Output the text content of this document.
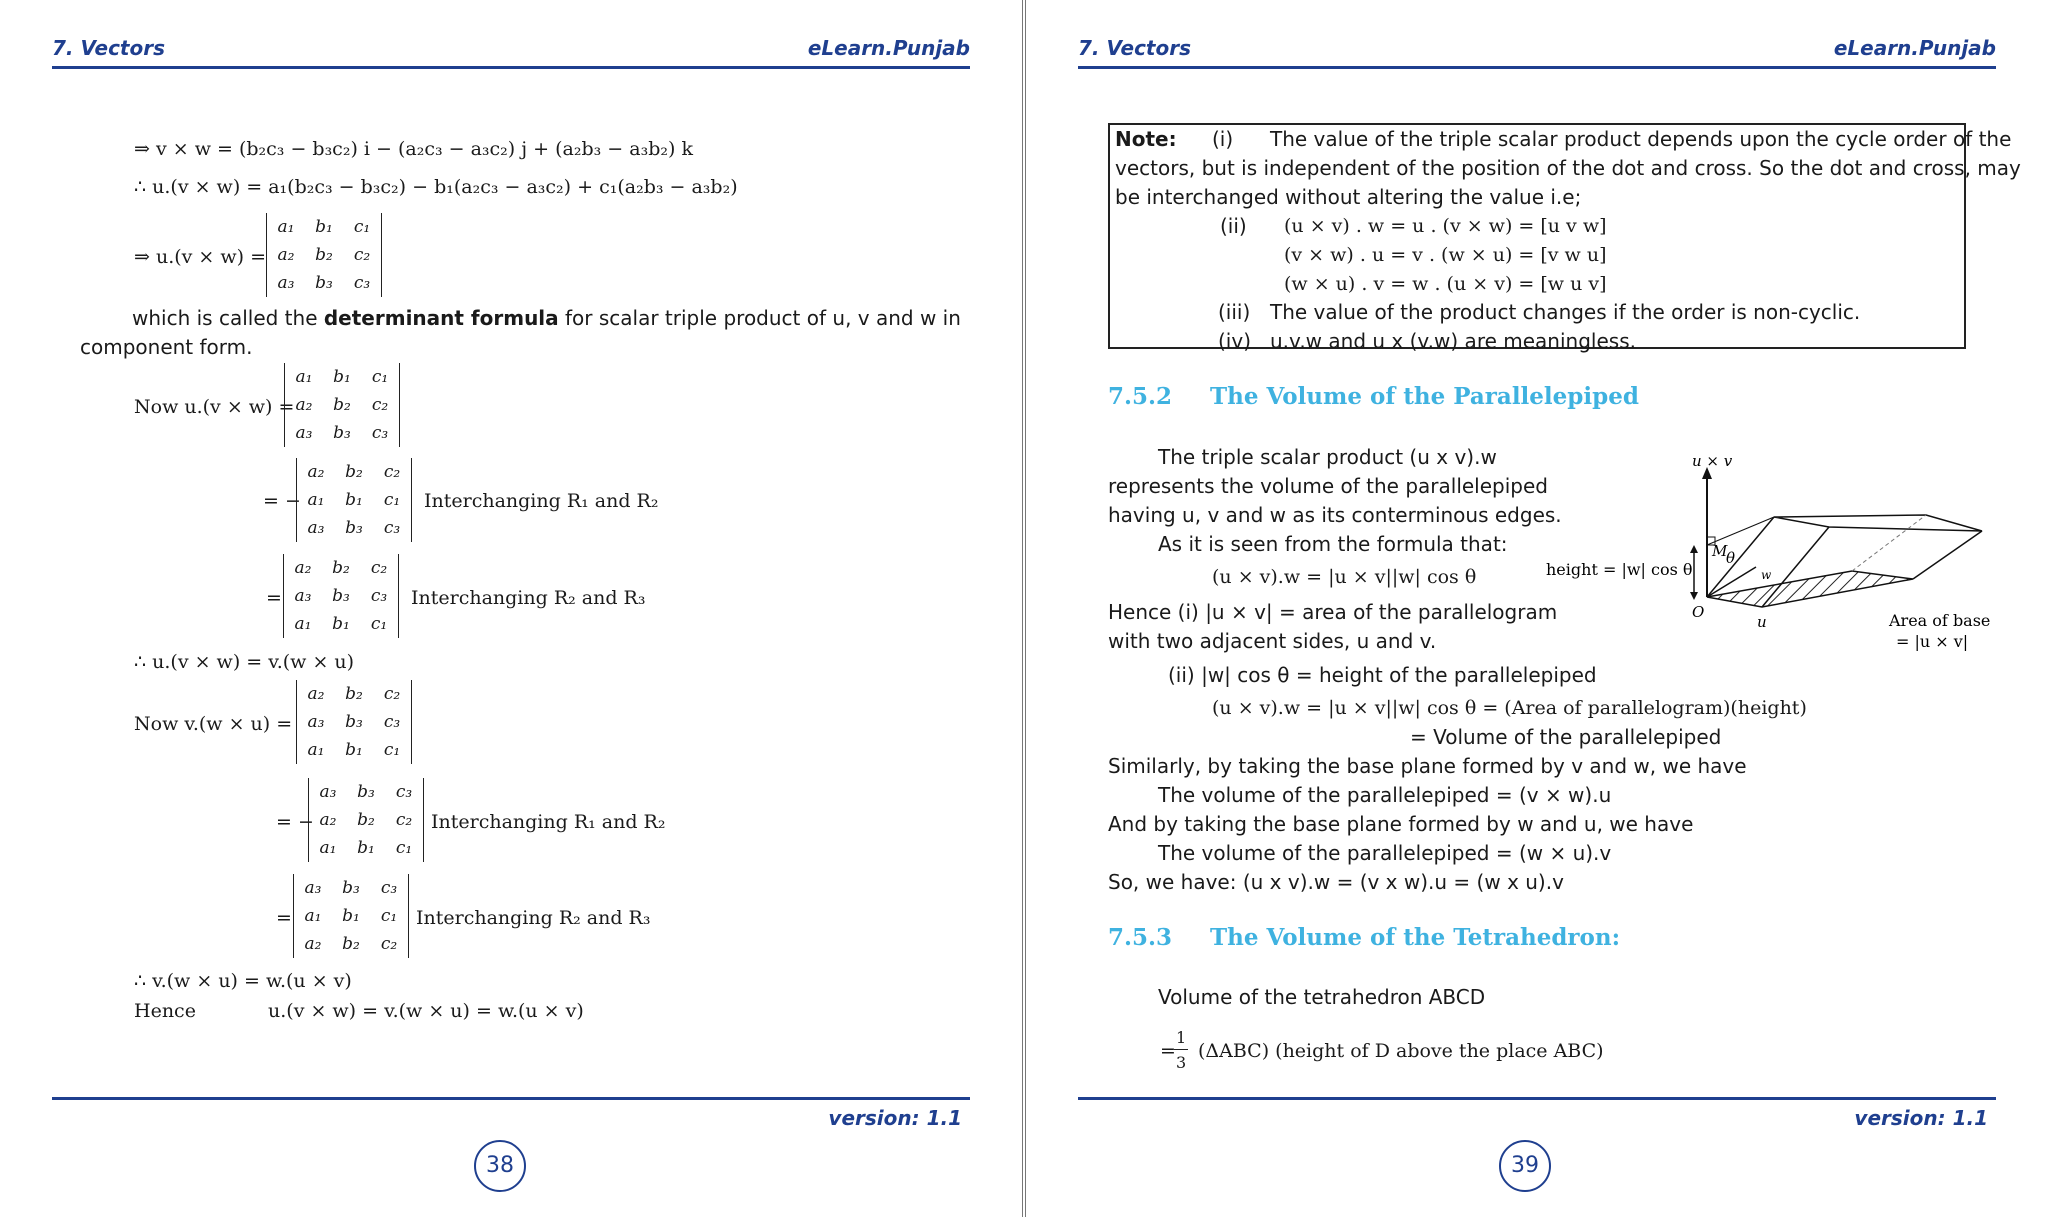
7. Vectors	eLearn.Punjab
⇒ v × w = (b₂c₃ − b₃c₂) i − (a₂c₃ − a₃c₂) j + (a₂b₃ − a₃b₂) k
∴ u.(v × w) = a₁(b₂c₃ − b₃c₂) − b₁(a₂c₃ − a₃c₂) + c₁(a₂b₃ − a₃b₂)
⇒ u.(v × w) =
a₁	b₁	c₁
a₂	b₂	c₂
a₃	b₃	c₃
which is called the determinant formula for scalar triple product of u, v and w in
component form.
Now u.(v × w) =
a₁	b₁	c₁
a₂	b₂	c₂
a₃	b₃	c₃
= −
a₂	b₂	c₂
a₁	b₁	c₁
a₃	b₃	c₃
Interchanging R₁ and R₂
=
a₂	b₂	c₂
a₃	b₃	c₃
a₁	b₁	c₁
Interchanging R₂ and R₃
∴ u.(v × w) = v.(w × u)
Now v.(w × u) =
a₂	b₂	c₂
a₃	b₃	c₃
a₁	b₁	c₁
= −
a₃	b₃	c₃
a₂	b₂	c₂
a₁	b₁	c₁
Interchanging R₁ and R₂
=
a₃	b₃	c₃
a₁	b₁	c₁
a₂	b₂	c₂
Interchanging R₂ and R₃
∴ v.(w × u) = w.(u × v)
Hence	u.(v × w) = v.(w × u) = w.(u × v)
version: 1.1
38
7. Vectors	eLearn.Punjab
Note: (i) The value of the triple scalar product depends upon the cycle order of the
vectors, but is independent of the position of the dot and cross. So the dot and cross, may
be interchanged without altering the value i.e;
(ii) (u × v) . w = u . (v × w) = [u v w]
(v × w) . u = v . (w × u) = [v w u]
(w × u) . v = w . (u × v) = [w u v]
(iii) The value of the product changes if the order is non-cyclic.
(iv) u.v.w and u x (v.w) are meaningless.
7.5.2 The Volume of the Parallelepiped
The triple scalar product (u x v).w
represents the volume of the parallelepiped
having u, v and w as its conterminous edges.
As it is seen from the formula that:
(u × v).w = |u × v||w| cos θ
Hence (i) |u × v| = area of the parallelogram
with two adjacent sides, u and v.
(ii) |w| cos θ = height of the parallelepiped
(u × v).w = |u × v||w| cos θ = (Area of parallelogram)(height)
= Volume of the parallelepiped
Similarly, by taking the base plane formed by v and w, we have
The volume of the parallelepiped = (v × w).u
And by taking the base plane formed by w and u, we have
The volume of the parallelepiped = (w × u).v
So, we have: (u x v).w = (v x w).u = (w x u).v
7.5.3 The Volume of the Tetrahedron:
Volume of the tetrahedron ABCD
=
1
3
(ΔABC) (height of D above the place ABC)
u × v
height = |w| cos θ
M
O
θ
w
u	Area of base
= |u × v|
version: 1.1
39
